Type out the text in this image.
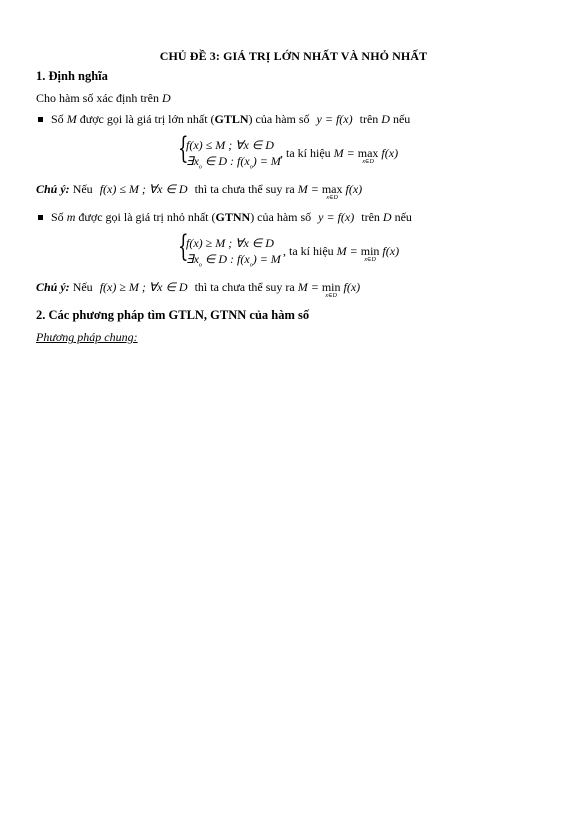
CHỦ ĐỀ 3: GIÁ TRỊ LỚN NHẤT VÀ NHỎ NHẤT
1. Định nghĩa
Cho hàm số xác định trên D
Số M được gọi là giá trị lớn nhất (GTLN) của hàm số y = f(x) trên D nếu
{
f(x) ≤ M ; ∀x ∈ D
$\exists x_o$ ∈ D : $f(x_o) = M$
, ta kí hiệu M = max
x∈D
f(x)
Chú ý: Nếu f(x) ≤ M ; ∀x ∈ D thì ta chưa thể suy ra M = max
x∈D
f(x)
Số m được gọi là giá trị nhỏ nhất (GTNN) của hàm số y = f(x) trên D nếu
{
f(x) ≥ M ; ∀x ∈ D
$\exists x_o$ ∈ D : $f(x_o) = M$
, ta kí hiệu M = min
x∈D
f(x)
Chú ý: Nếu f(x) ≥ M ; ∀x ∈ D thì ta chưa thể suy ra M = min
x∈D
f(x)
2. Các phương pháp tìm GTLN, GTNN của hàm số
Phương pháp chung:
